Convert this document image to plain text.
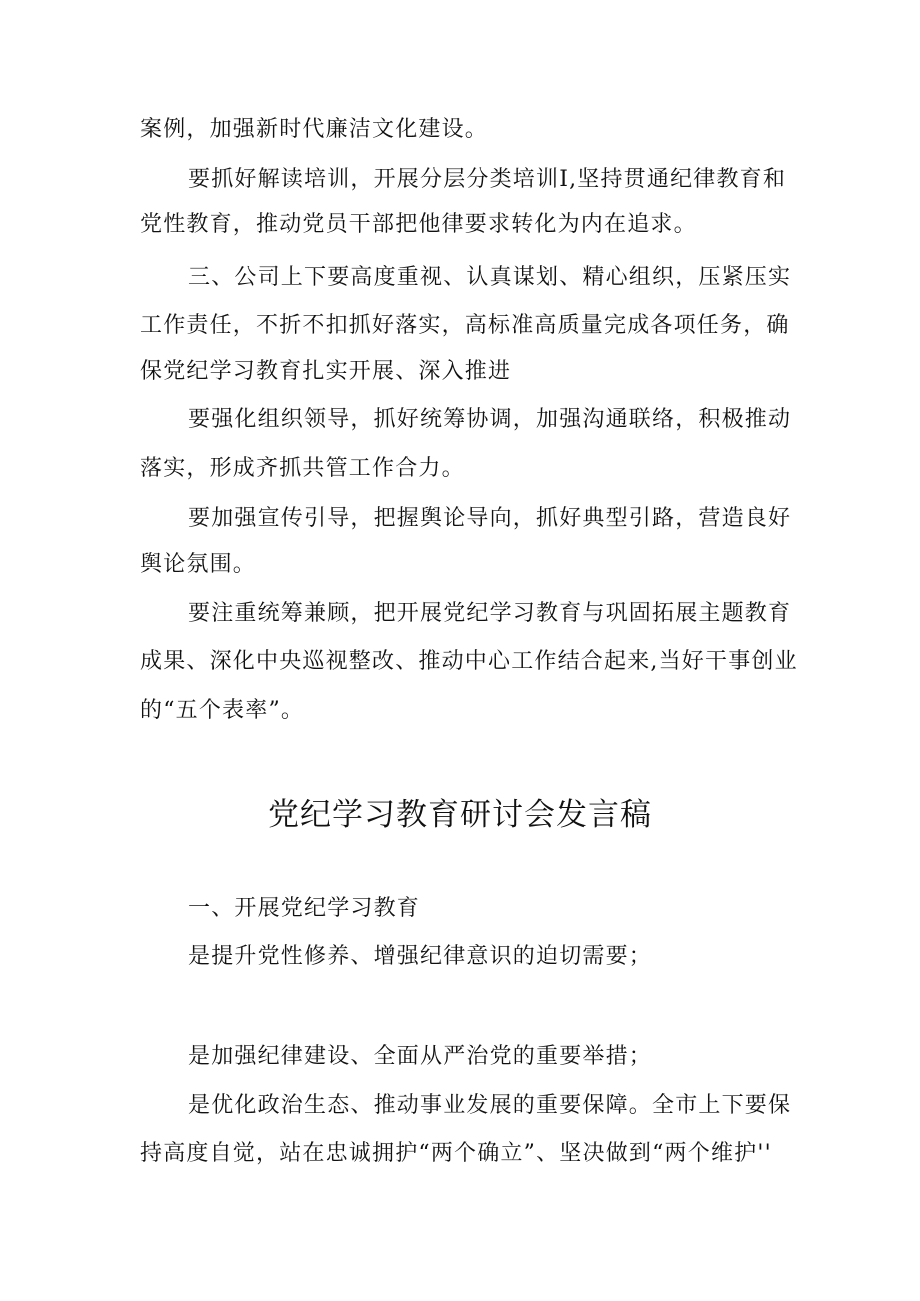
案例，加强新时代廉洁文化建设。
要抓好解读培训，开展分层分类培训Ⅰ,坚持贯通纪律教育和
党性教育，推动党员干部把他律要求转化为内在追求。
三、公司上下要高度重视、认真谋划、精心组织，压紧压实
工作责任，不折不扣抓好落实，高标准高质量完成各项任务，确
保党纪学习教育扎实开展、深入推进
要强化组织领导，抓好统筹协调，加强沟通联络，积极推动
落实，形成齐抓共管工作合力。
要加强宣传引导，把握舆论导向，抓好典型引路，营造良好
舆论氛围。
要注重统筹兼顾，把开展党纪学习教育与巩固拓展主题教育
成果、深化中央巡视整改、推动中心工作结合起来,当好干事创业
的“五个表率”。
党纪学习教育研讨会发言稿
一、开展党纪学习教育
是提升党性修养、增强纪律意识的迫切需要；
是加强纪律建设、全面从严治党的重要举措；
是优化政治生态、推动事业发展的重要保障。全市上下要保
持高度自觉，站在忠诚拥护“两个确立”、坚决做到“两个维护''
